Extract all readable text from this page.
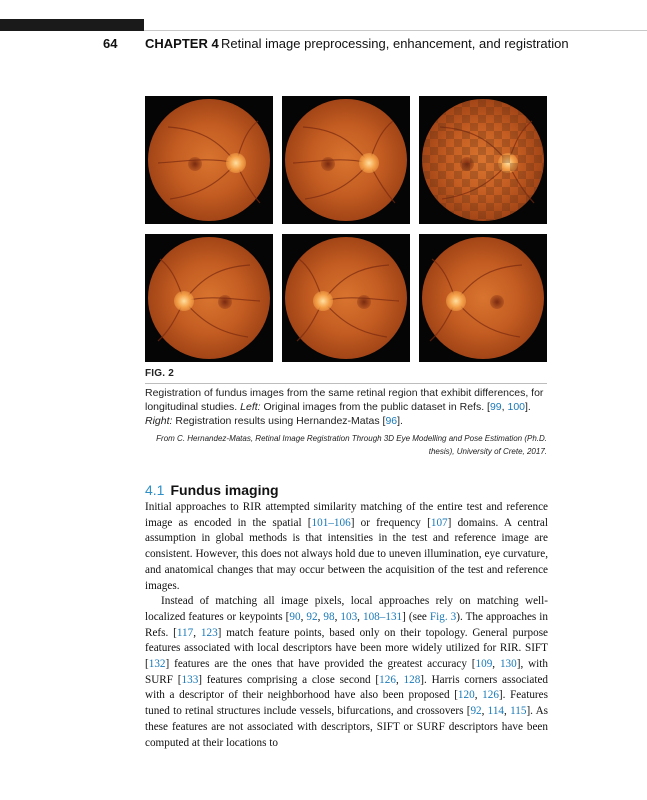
64 CHAPTER 4 Retinal image preprocessing, enhancement, and registration
FIG. 2
Registration of fundus images from the same retinal region that exhibit differences, for longitudinal studies. Left: Original images from the public dataset in Refs. [99, 100]. Right: Registration results using Hernandez-Matas [96].
From C. Hernandez-Matas, Retinal Image Registration Through 3D Eye Modelling and Pose Estimation (Ph.D. thesis), University of Crete, 2017.
4.1 Fundus imaging

Initial approaches to RIR attempted similarity matching of the entire test and reference image as encoded in the spatial [101–106] or frequency [107] domains. A central assumption in global methods is that intensities in the test and reference image are consistent. However, this does not always hold due to uneven illumination, eye curvature, and anatomical changes that may occur between the acquisition of the test and reference images.

Instead of matching all image pixels, local approaches rely on matching well-localized features or keypoints [90, 92, 98, 103, 108–131] (see Fig. 3). The approaches in Refs. [117, 123] match feature points, based only on their topology. General purpose features associated with local descriptors have been more widely utilized for RIR. SIFT [132] features are the ones that have provided the greatest accuracy [109, 130], with SURF [133] features comprising a close second [126, 128]. Harris corners associated with a descriptor of their neighborhood have also been proposed [120, 126]. Features tuned to retinal structures include vessels, bifurcations, and crossovers [92, 114, 115]. As these features are not associated with descriptors, SIFT or SURF descriptors have been computed at their locations to
